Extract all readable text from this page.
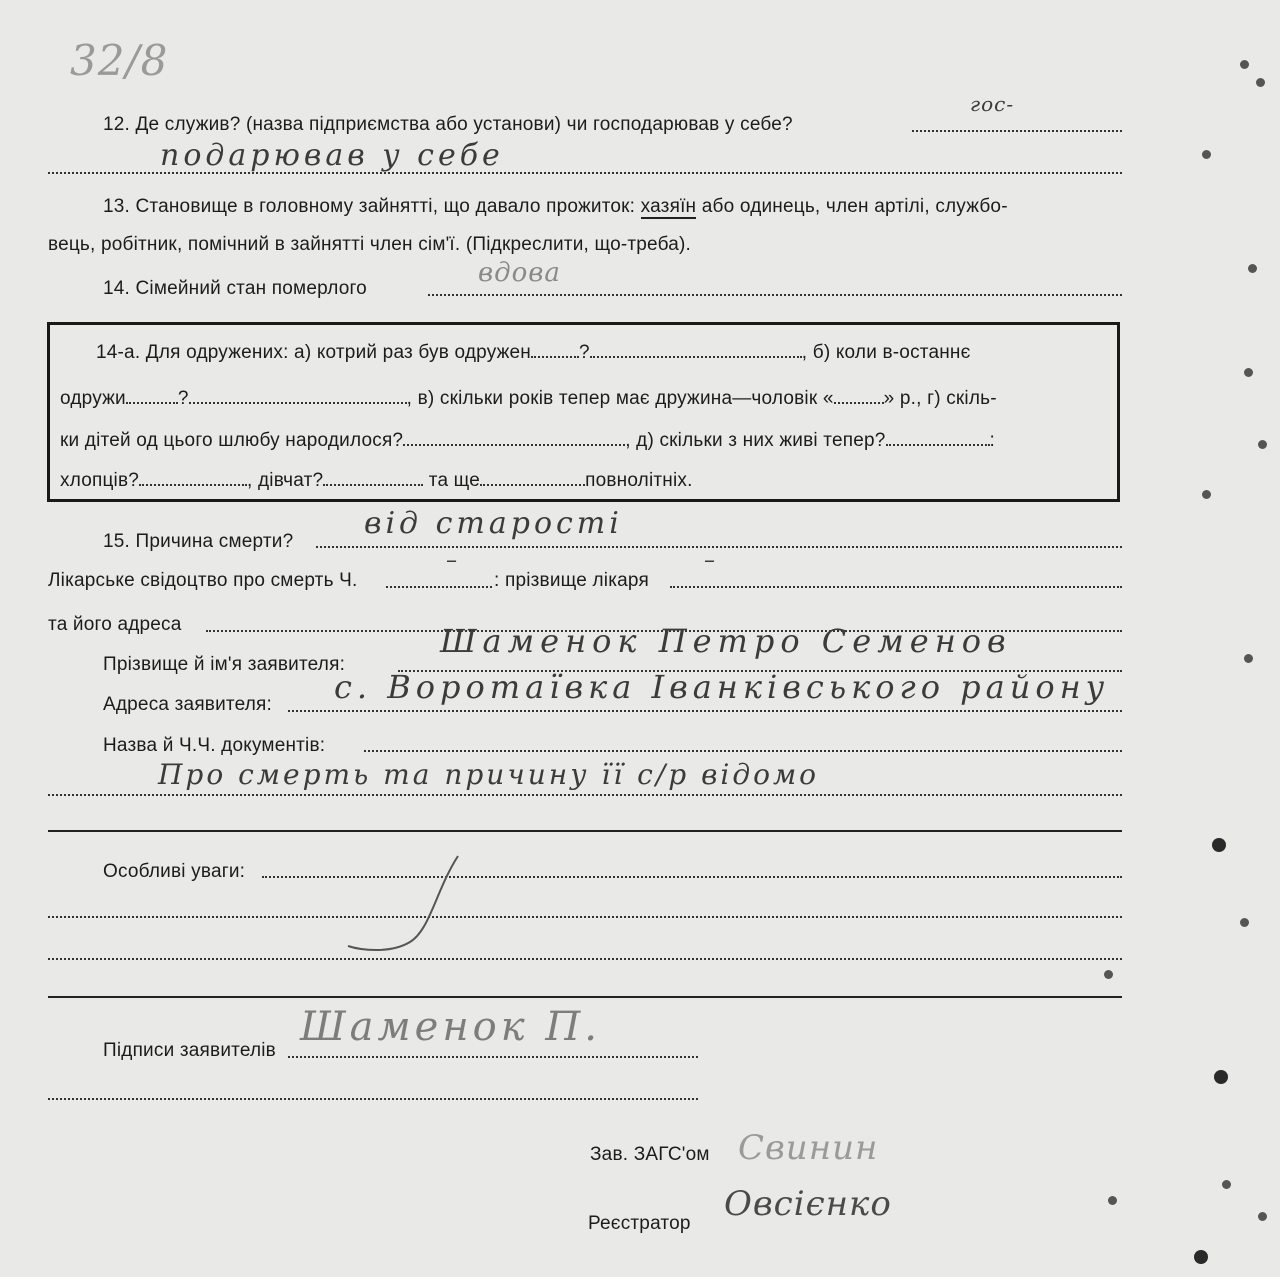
32/8
12. Де служив? (назва підприємства або установи) чи господарював у себе?
гос-
подарював у себе
13. Становище в головному зайнятті, що давало прожиток: хазяїн або одинець, член артілі, службо-
вець, робітник, помічний в зайнятті член сім'ї. (Підкреслити, що-треба).
14. Сімейний стан померлого
вдова
14-а. Для одружених: а) котрий раз був одружен	?	, б) коли в-останнє
одружи	?	, в) скільки років тепер має дружина—чоловік «	» р., г) скіль-
ки дітей од цього шлюбу народилося?	, д) скільки з них живі тепер?	:
хлопців?	, дівчат?	та ще	повнолітніх.
15. Причина смерти?
від старості
Лікарське свідоцтво про смерть Ч.
–
: прізвище лікаря
–
та його адреса
Прізвище й ім'я заявителя:
Шаменок Петро Семенов
Адреса заявителя: с. Воротаївка Іванківського району
Назва й Ч.Ч. документів:
Про смерть та причину її с/р відомо
Особливі уваги:
Підписи заявителів
Шаменок П.
Зав. ЗАГС'ом Свинин
Реєстратор Овсієнко
